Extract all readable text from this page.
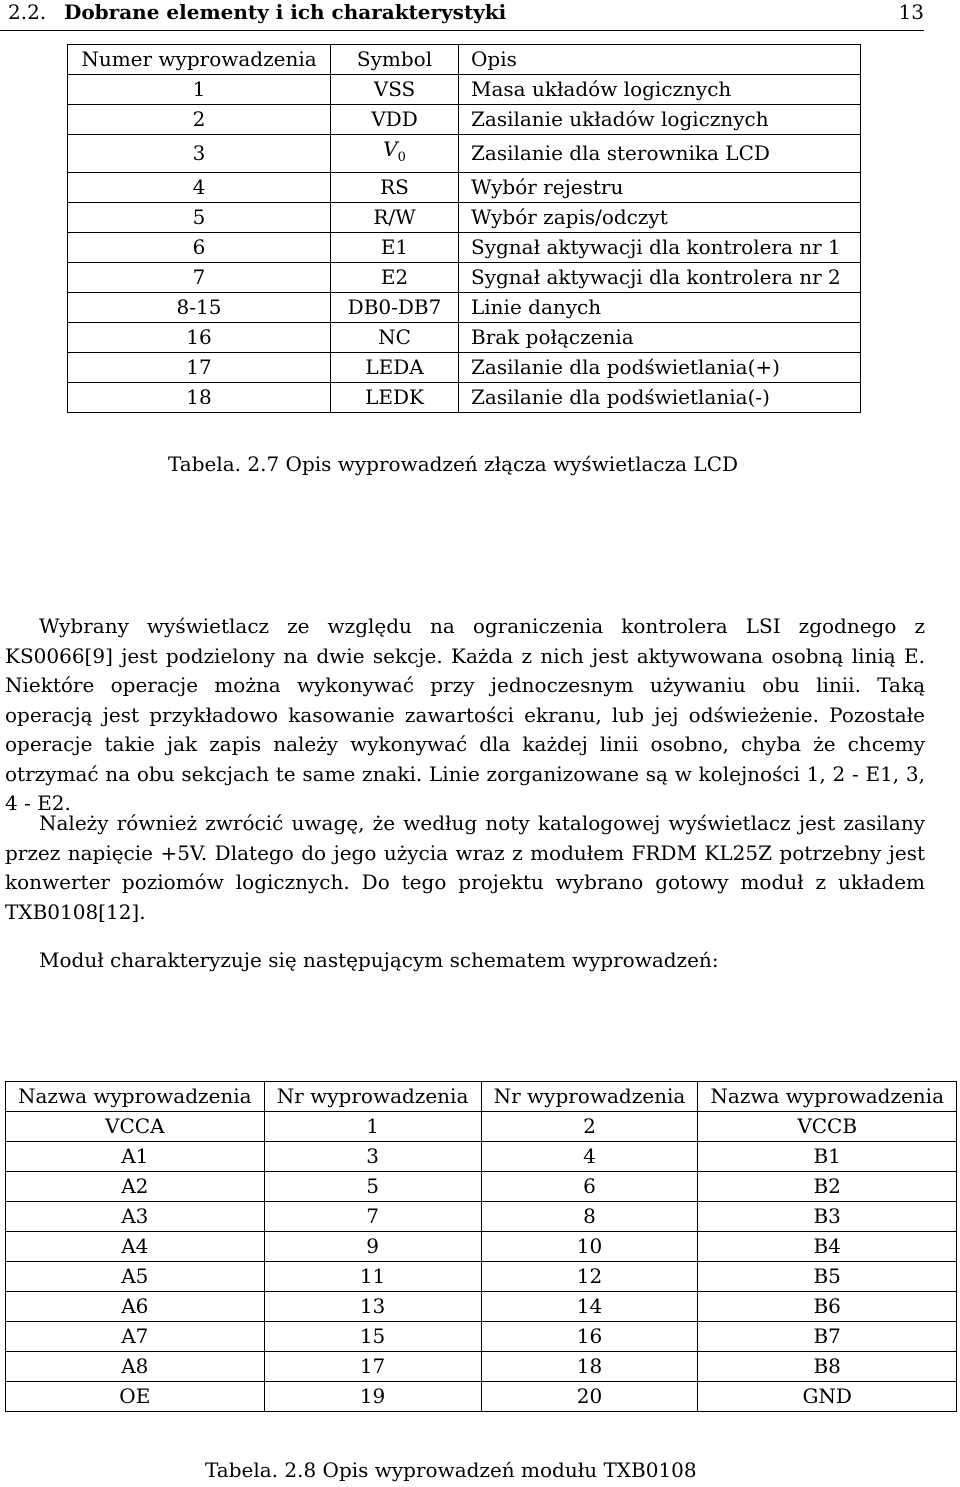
2.2. Dobrane elementy i ich charakterystyki	13
Numer wyprowadzenia	Symbol	Opis
1	VSS	Masa układów logicznych
2	VDD	Zasilanie układów logicznych
3	$V_0$	Zasilanie dla sterownika LCD
4	RS	Wybór rejestru
5	R/W	Wybór zapis/odczyt
6	E1	Sygnał aktywacji dla kontrolera nr 1
7	E2	Sygnał aktywacji dla kontrolera nr 2
8-15	DB0-DB7	Linie danych
16	NC	Brak połączenia
17	LEDA	Zasilanie dla podświetlania(+)
18	LEDK	Zasilanie dla podświetlania(-)
Tabela. 2.7 Opis wyprowadzeń złącza wyświetlacza LCD
Wybrany wyświetlacz ze względu na ograniczenia kontrolera LSI zgodnego z KS0066[9] jest podzielony na dwie sekcje. Każda z nich jest aktywowana osobną linią E. Niektóre operacje można wykonywać przy jednoczesnym używaniu obu linii. Taką operacją jest przykładowo kasowanie zawartości ekranu, lub jej odświeżenie. Pozostałe operacje takie jak zapis należy wykonywać dla każdej linii osobno, chyba że chcemy otrzymać na obu sekcjach te same znaki. Linie zorganizowane są w kolejności 1, 2 - E1, 3, 4 - E2.
Należy również zwrócić uwagę, że według noty katalogowej wyświetlacz jest zasilany przez napięcie +5V. Dlatego do jego użycia wraz z modułem FRDM KL25Z potrzebny jest konwerter poziomów logicznych. Do tego projektu wybrano gotowy moduł z układem TXB0108[12].
Moduł charakteryzuje się następującym schematem wyprowadzeń:
Nazwa wyprowadzenia	Nr wyprowadzenia	Nr wyprowadzenia	Nazwa wyprowadzenia
VCCA	1	2	VCCB
A1	3	4	B1
A2	5	6	B2
A3	7	8	B3
A4	9	10	B4
A5	11	12	B5
A6	13	14	B6
A7	15	16	B7
A8	17	18	B8
OE	19	20	GND
Tabela. 2.8 Opis wyprowadzeń modułu TXB0108
